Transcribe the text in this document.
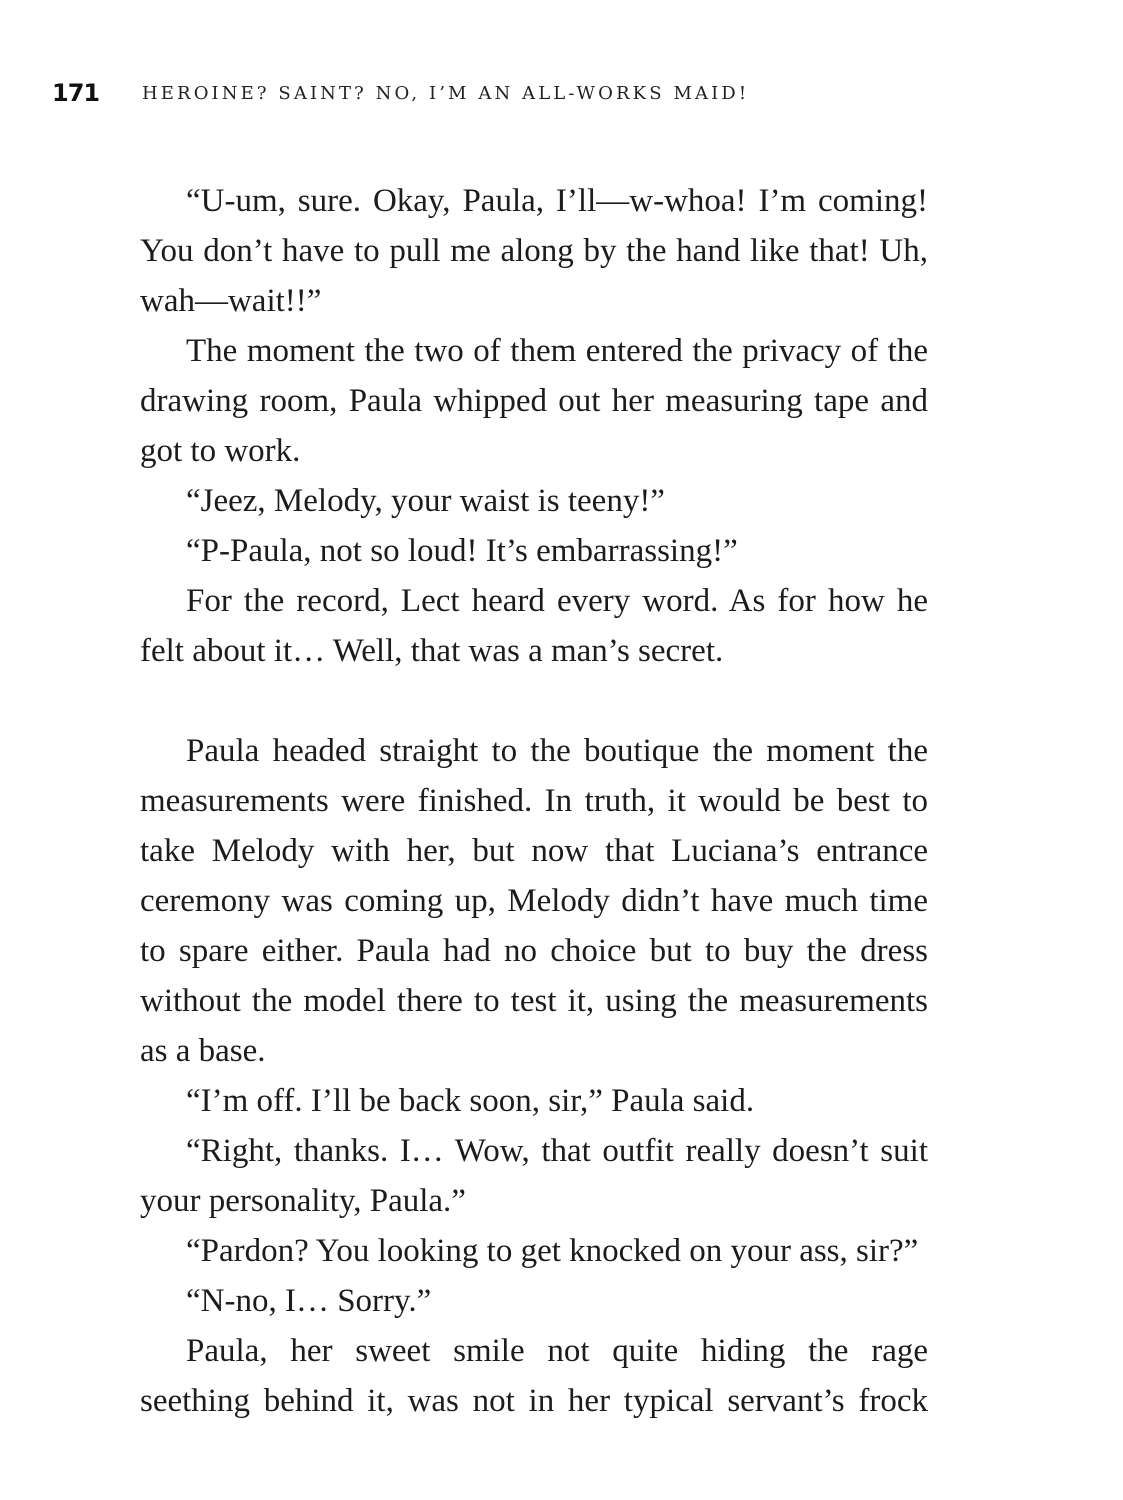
171	HEROINE? SAINT? NO, I’M AN ALL-WORKS MAID!

“U-um, sure. Okay, Paula, I’ll—w-whoa! I’m coming! You don’t have to pull me along by the hand like that! Uh, wah—wait!!”

The moment the two of them entered the privacy of the drawing room, Paula whipped out her measuring tape and got to work.

“Jeez, Melody, your waist is teeny!”

“P-Paula, not so loud! It’s embarrassing!”

For the record, Lect heard every word. As for how he felt about it… Well, that was a man’s secret.

Paula headed straight to the boutique the moment the measurements were finished. In truth, it would be best to take Melody with her, but now that Luciana’s entrance ceremony was coming up, Melody didn’t have much time to spare either. Paula had no choice but to buy the dress without the model there to test it, using the measurements as a base.

“I’m off. I’ll be back soon, sir,” Paula said.

“Right, thanks. I… Wow, that outfit really doesn’t suit your personality, Paula.”

“Pardon? You looking to get knocked on your ass, sir?”

“N-no, I… Sorry.”

Paula, her sweet smile not quite hiding the rage seething behind it, was not in her typical servant’s frock
